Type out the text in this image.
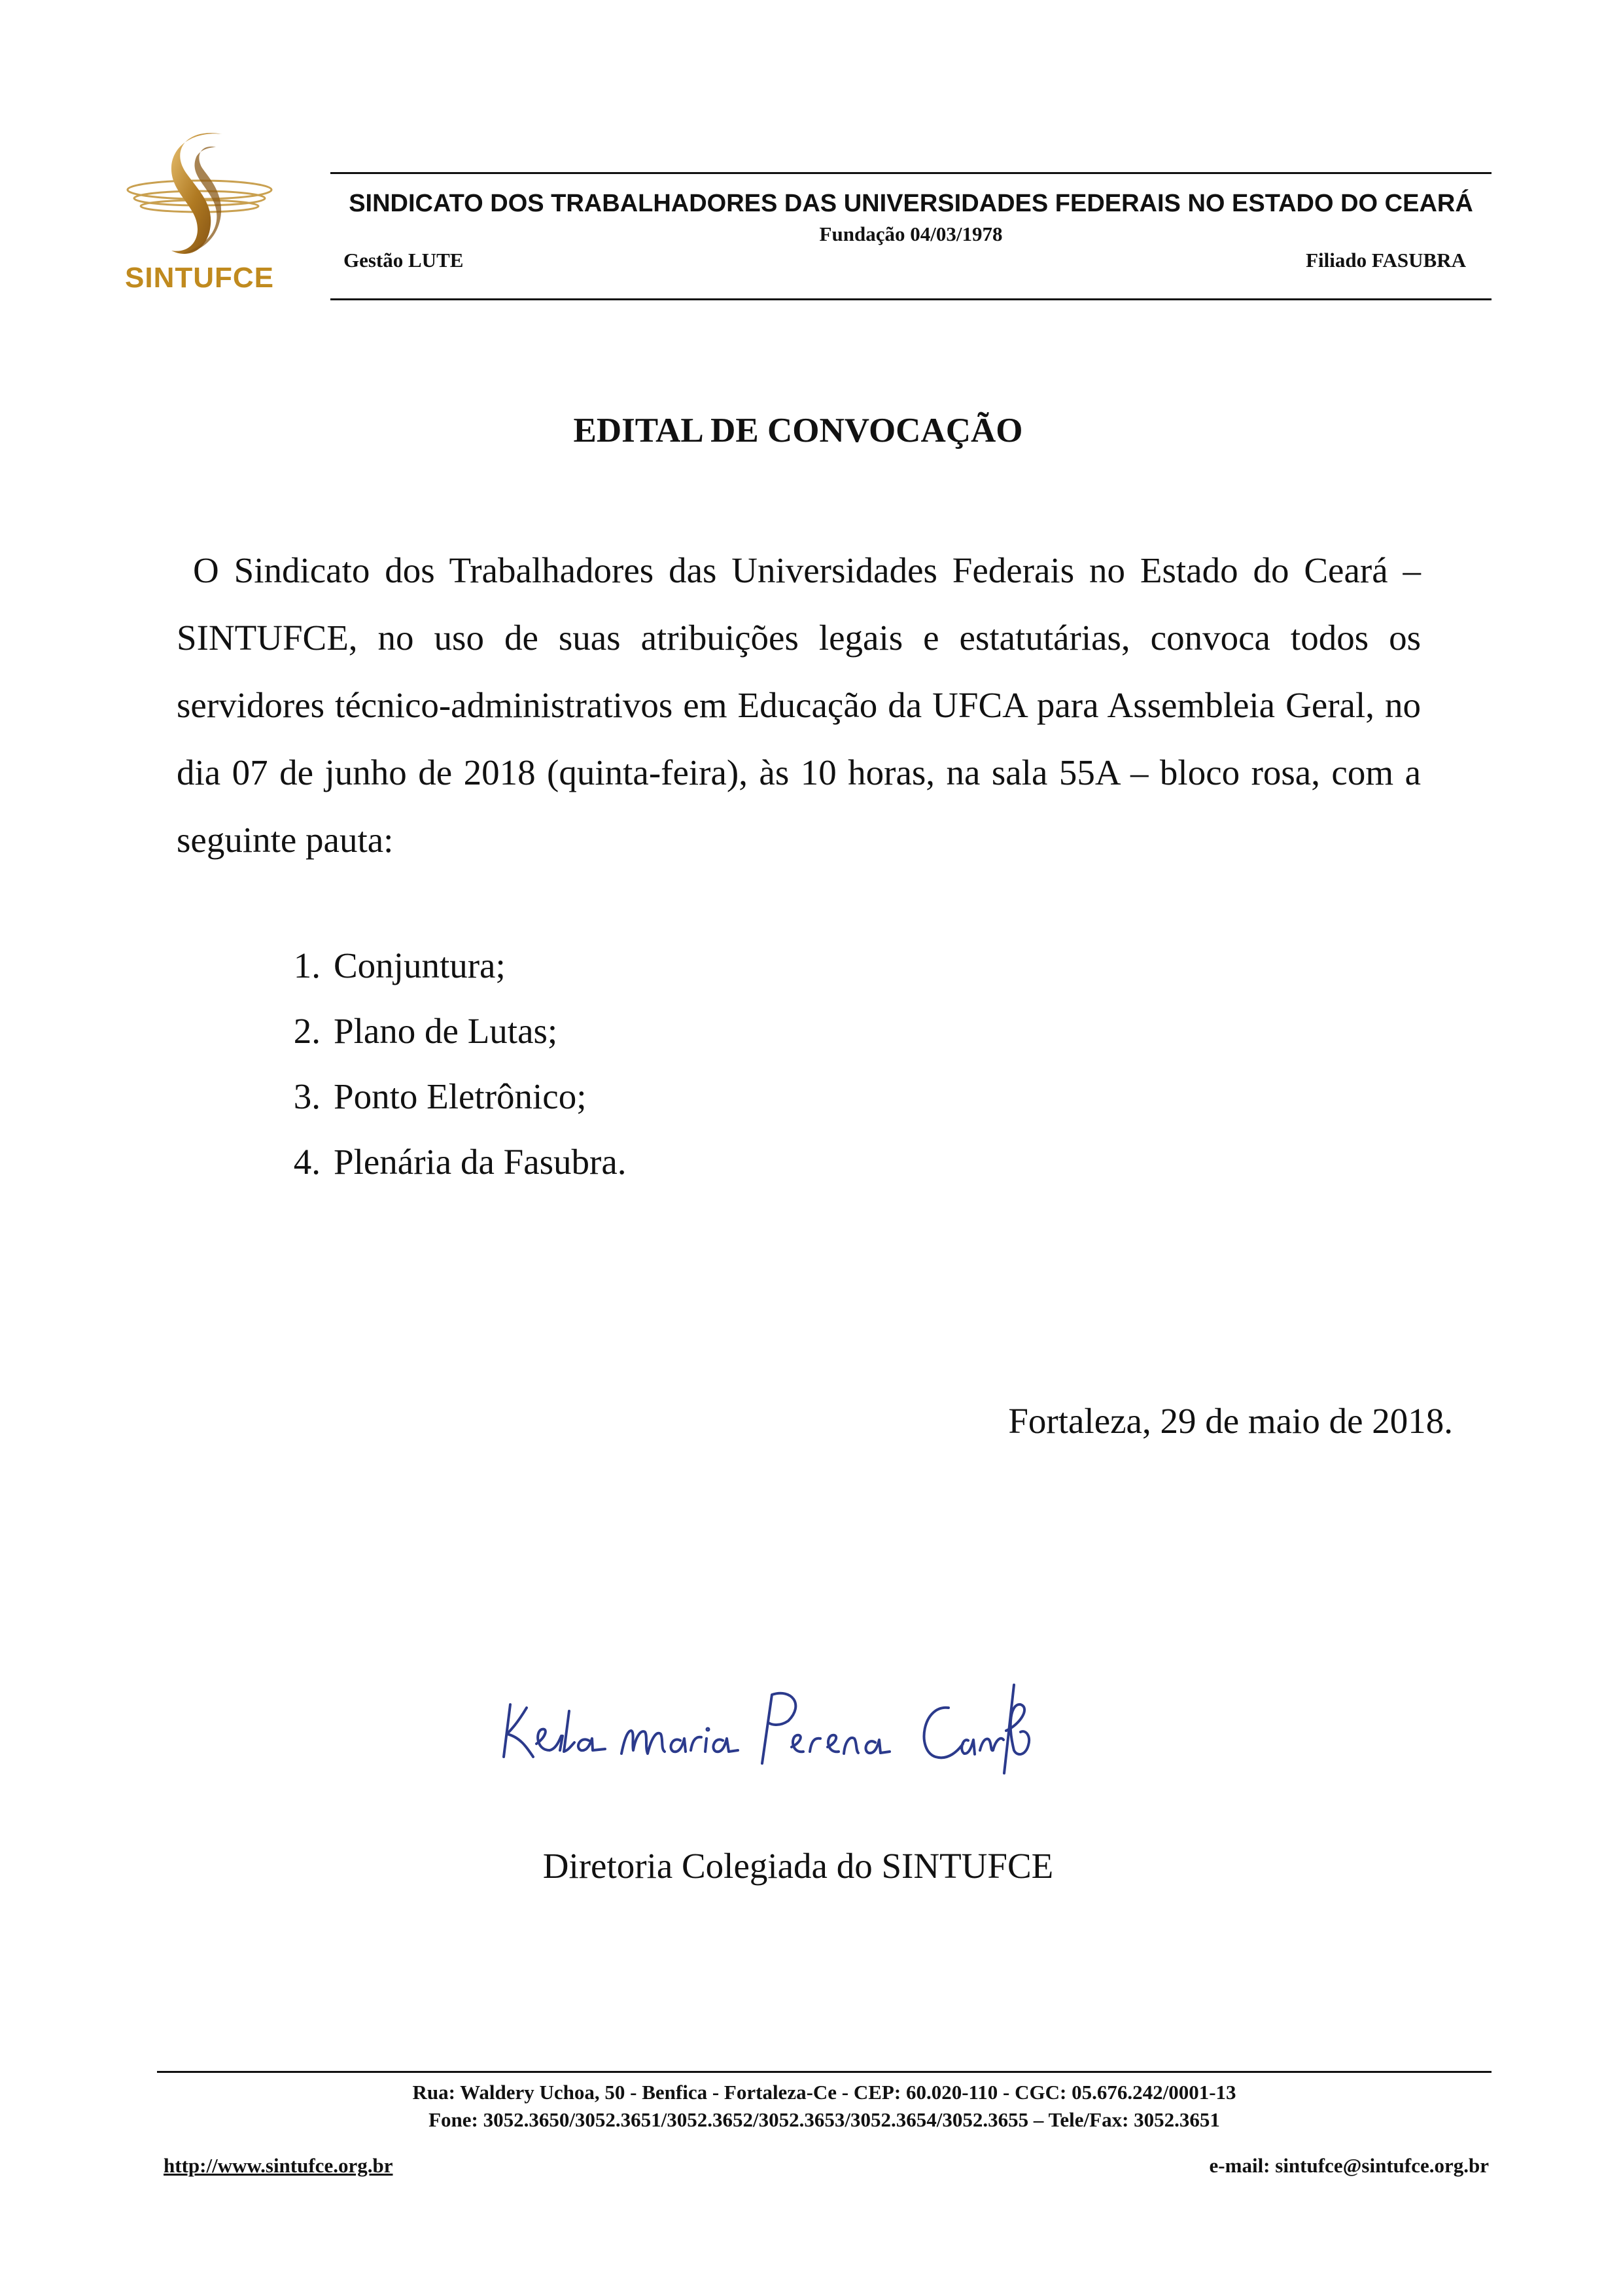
SINTUFCE
SINDICATO DOS TRABALHADORES DAS UNIVERSIDADES FEDERAIS NO ESTADO DO CEARÁ
Fundação 04/03/1978
Gestão LUTE	Filiado FASUBRA
EDITAL DE CONVOCAÇÃO

O Sindicato dos Trabalhadores das Universidades Federais no Estado do Ceará – SINTUFCE, no uso de suas atribuições legais e estatutárias, convoca todos os servidores técnico-administrativos em Educação da UFCA para Assembleia Geral, no dia 07 de junho de 2018 (quinta-feira), às 10 horas, na sala 55A – bloco rosa, com a seguinte pauta:

1. Conjuntura;
2. Plano de Lutas;
3. Ponto Eletrônico;
4. Plenária da Fasubra.
Fortaleza, 29 de maio de 2018.
Diretoria Colegiada do SINTUFCE
Rua: Waldery Uchoa, 50 - Benfica - Fortaleza-Ce - CEP: 60.020-110 - CGC: 05.676.242/0001-13
Fone: 3052.3650/3052.3651/3052.3652/3052.3653/3052.3654/3052.3655 – Tele/Fax: 3052.3651
http://www.sintufce.org.br	e-mail: sintufce@sintufce.org.br
